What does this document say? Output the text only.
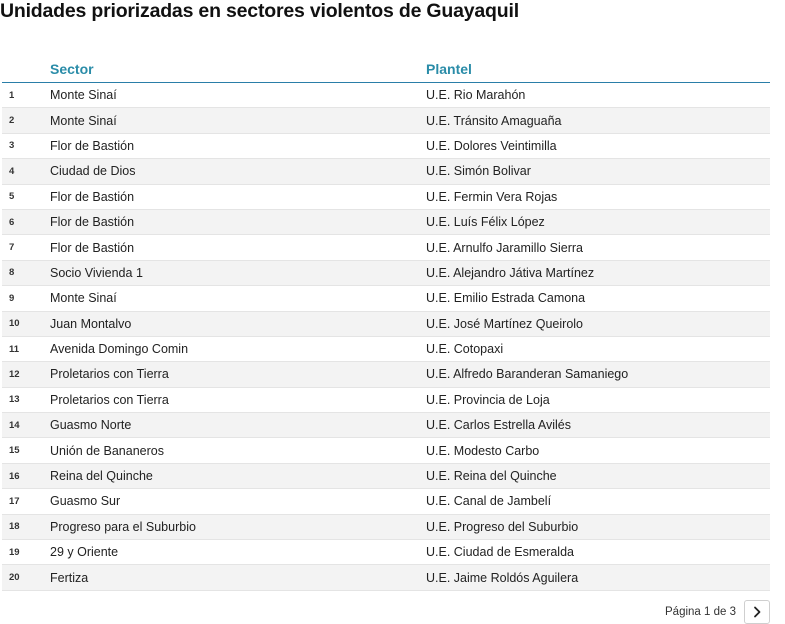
Unidades priorizadas en sectores violentos de Guayaquil
Sector	Plantel
1	Monte Sinaí	U.E. Rio Marahón
2	Monte Sinaí	U.E. Tránsito Amaguaña
3	Flor de Bastión	U.E. Dolores Veintimilla
4	Ciudad de Dios	U.E. Simón Bolivar
5	Flor de Bastión	U.E. Fermin Vera Rojas
6	Flor de Bastión	U.E. Luís Félix López
7	Flor de Bastión	U.E. Arnulfo Jaramillo Sierra
8	Socio Vivienda 1	U.E. Alejandro Játiva Martínez
9	Monte Sinaí	U.E. Emilio Estrada Camona
10	Juan Montalvo	U.E. José Martínez Queirolo
11	Avenida Domingo Comin	U.E. Cotopaxi
12	Proletarios con Tierra	U.E. Alfredo Baranderan Samaniego
13	Proletarios con Tierra	U.E. Provincia de Loja
14	Guasmo Norte	U.E. Carlos Estrella Avilés
15	Unión de Bananeros	U.E. Modesto Carbo
16	Reina del Quinche	U.E. Reina del Quinche
17	Guasmo Sur	U.E. Canal de Jambelí
18	Progreso para el Suburbio	U.E. Progreso del Suburbio
19	29 y Oriente	U.E. Ciudad de Esmeralda
20	Fertiza	U.E. Jaime Roldós Aguilera
Página 1 de 3
